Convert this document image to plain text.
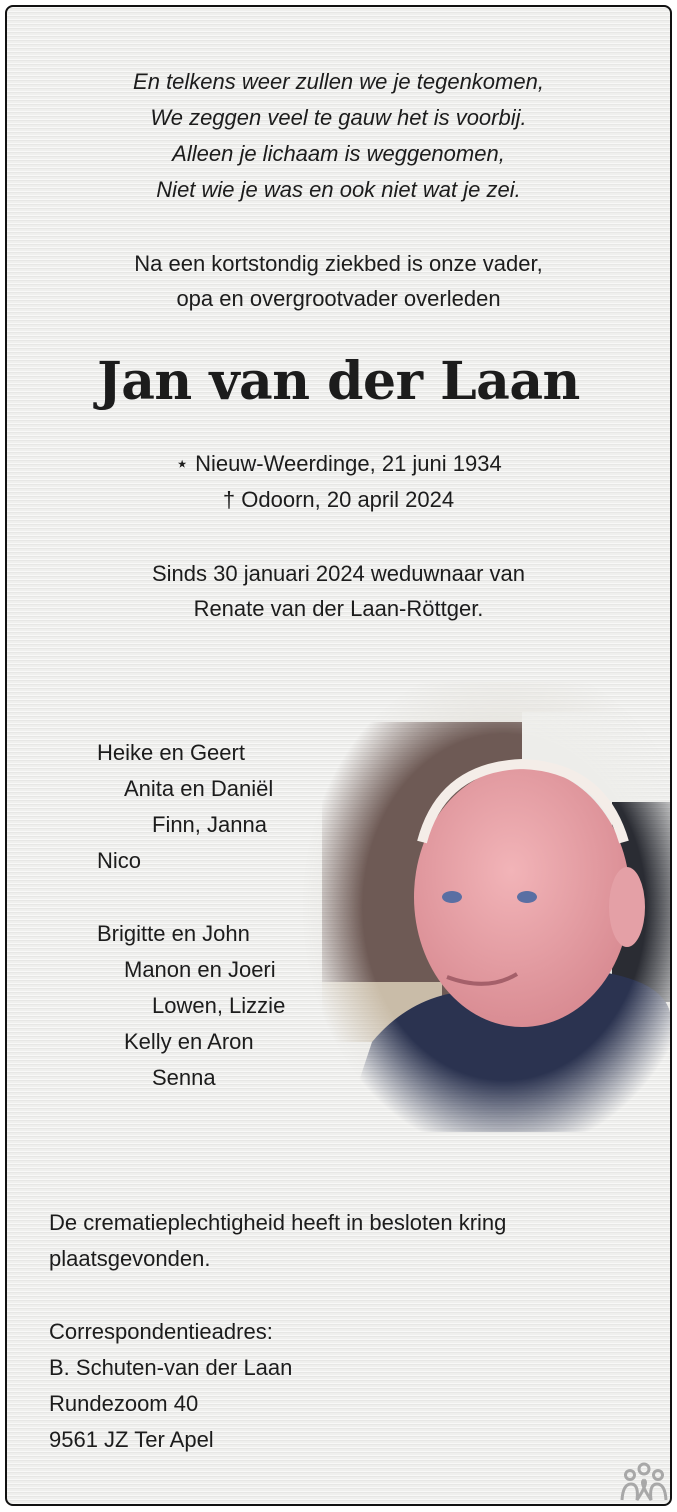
En telkens weer zullen we je tegenkomen,
We zeggen veel te gauw het is voorbij.
Alleen je lichaam is weggenomen,
Niet wie je was en ook niet wat je zei.
Na een kortstondig ziekbed is onze vader,
opa en overgrootvader overleden
Jan van der Laan
⋆ Nieuw-Weerdinge, 21 juni 1934
† Odoorn, 20 april 2024
Sinds 30 januari 2024 weduwnaar van
Renate van der Laan-Röttger.
Heike en Geert
Anita en Daniël
Finn, Janna
Nico
Brigitte en John
Manon en Joeri
Lowen, Lizzie
Kelly en Aron
Senna
De crematieplechtigheid heeft in besloten kring
plaatsgevonden.
Correspondentieadres:
B. Schuten-van der Laan
Rundezoom 40
9561 JZ Ter Apel
